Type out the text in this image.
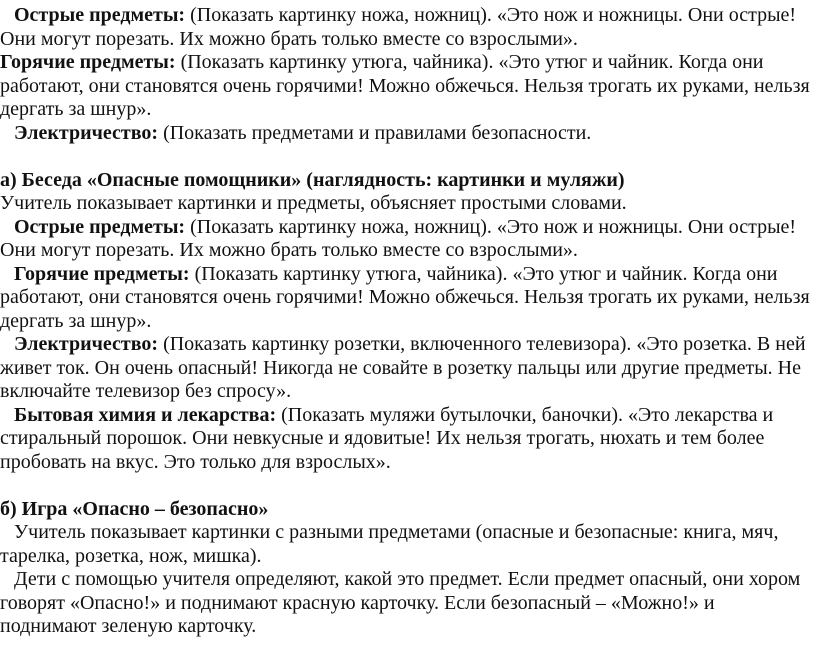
Острые предметы: (Показать картинку ножа, ножниц). «Это нож и ножницы. Они острые! Они могут порезать. Их можно брать только вместе со взрослыми».

Горячие предметы: (Показать картинку утюга, чайника). «Это утюг и чайник. Когда они работают, они становятся очень горячими! Можно обжечься. Нельзя трогать их руками, нельзя дергать за шнур».

Электричество: (Показать предметами и правилами безопасности.

а) Беседа «Опасные помощники» (наглядность: картинки и муляжи)

Учитель показывает картинки и предметы, объясняет простыми словами.

Острые предметы: (Показать картинку ножа, ножниц). «Это нож и ножницы. Они острые! Они могут порезать. Их можно брать только вместе со взрослыми».

Горячие предметы: (Показать картинку утюга, чайника). «Это утюг и чайник. Когда они работают, они становятся очень горячими! Можно обжечься. Нельзя трогать их руками, нельзя дергать за шнур».

Электричество: (Показать картинку розетки, включенного телевизора). «Это розетка. В ней живет ток. Он очень опасный! Никогда не совайте в розетку пальцы или другие предметы. Не включайте телевизор без спросу».

Бытовая химия и лекарства: (Показать муляжи бутылочки, баночки). «Это лекарства и стиральный порошок. Они невкусные и ядовитые! Их нельзя трогать, нюхать и тем более пробовать на вкус. Это только для взрослых».

б) Игра «Опасно – безопасно»

Учитель показывает картинки с разными предметами (опасные и безопасные: книга, мяч, тарелка, розетка, нож, мишка).

Дети с помощью учителя определяют, какой это предмет. Если предмет опасный, они хором говорят «Опасно!» и поднимают красную карточку. Если безопасный – «Можно!» и поднимают зеленую карточку.
